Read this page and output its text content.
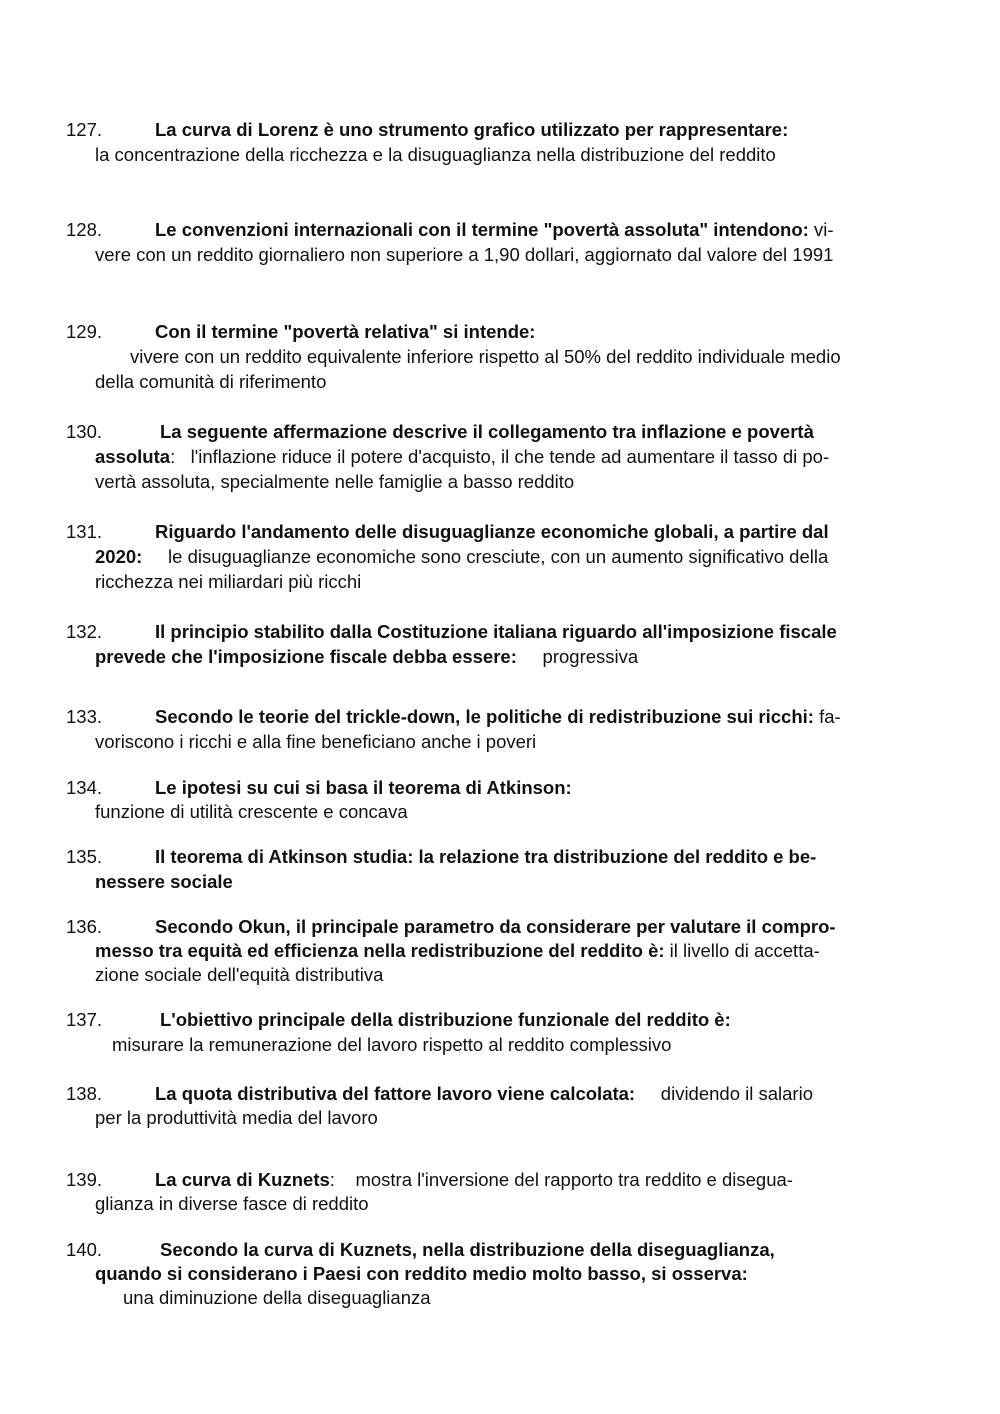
127.	La curva di Lorenz è uno strumento grafico utilizzato per rappresentare:
la concentrazione della ricchezza e la disuguaglianza nella distribuzione del reddito
128.	Le convenzioni internazionali con il termine "povertà assoluta" intendono: vi-
vere con un reddito giornaliero non superiore a 1,90 dollari, aggiornato dal valore del 1991
129.	Con il termine "povertà relativa" si intende:
vivere con un reddito equivalente inferiore rispetto al 50% del reddito individuale medio
della comunità di riferimento
130.	La seguente affermazione descrive il collegamento tra inflazione e povertà
assoluta:   l'inflazione riduce il potere d'acquisto, il che tende ad aumentare il tasso di po-
vertà assoluta, specialmente nelle famiglie a basso reddito
131.	Riguardo l'andamento delle disuguaglianze economiche globali, a partire dal
2020:     le disuguaglianze economiche sono cresciute, con un aumento significativo della
ricchezza nei miliardari più ricchi
132.	Il principio stabilito dalla Costituzione italiana riguardo all'imposizione fiscale
prevede che l'imposizione fiscale debba essere:     progressiva
133.	Secondo le teorie del trickle-down, le politiche di redistribuzione sui ricchi: fa-
voriscono i ricchi e alla fine beneficiano anche i poveri
134.	Le ipotesi su cui si basa il teorema di Atkinson:
funzione di utilità crescente e concava
135.	Il teorema di Atkinson studia: la relazione tra distribuzione del reddito e be-
nessere sociale
136.	Secondo Okun, il principale parametro da considerare per valutare il compro-
messo tra equità ed efficienza nella redistribuzione del reddito è: il livello di accetta-
zione sociale dell'equità distributiva
137.	L'obiettivo principale della distribuzione funzionale del reddito è:
misurare la remunerazione del lavoro rispetto al reddito complessivo
138.	La quota distributiva del fattore lavoro viene calcolata:     dividendo il salario
per la produttività media del lavoro
139.	La curva di Kuznets:    mostra l'inversione del rapporto tra reddito e disegua-
glianza in diverse fasce di reddito
140.	Secondo la curva di Kuznets, nella distribuzione della diseguaglianza,
quando si considerano i Paesi con reddito medio molto basso, si osserva:
una diminuzione della diseguaglianza
